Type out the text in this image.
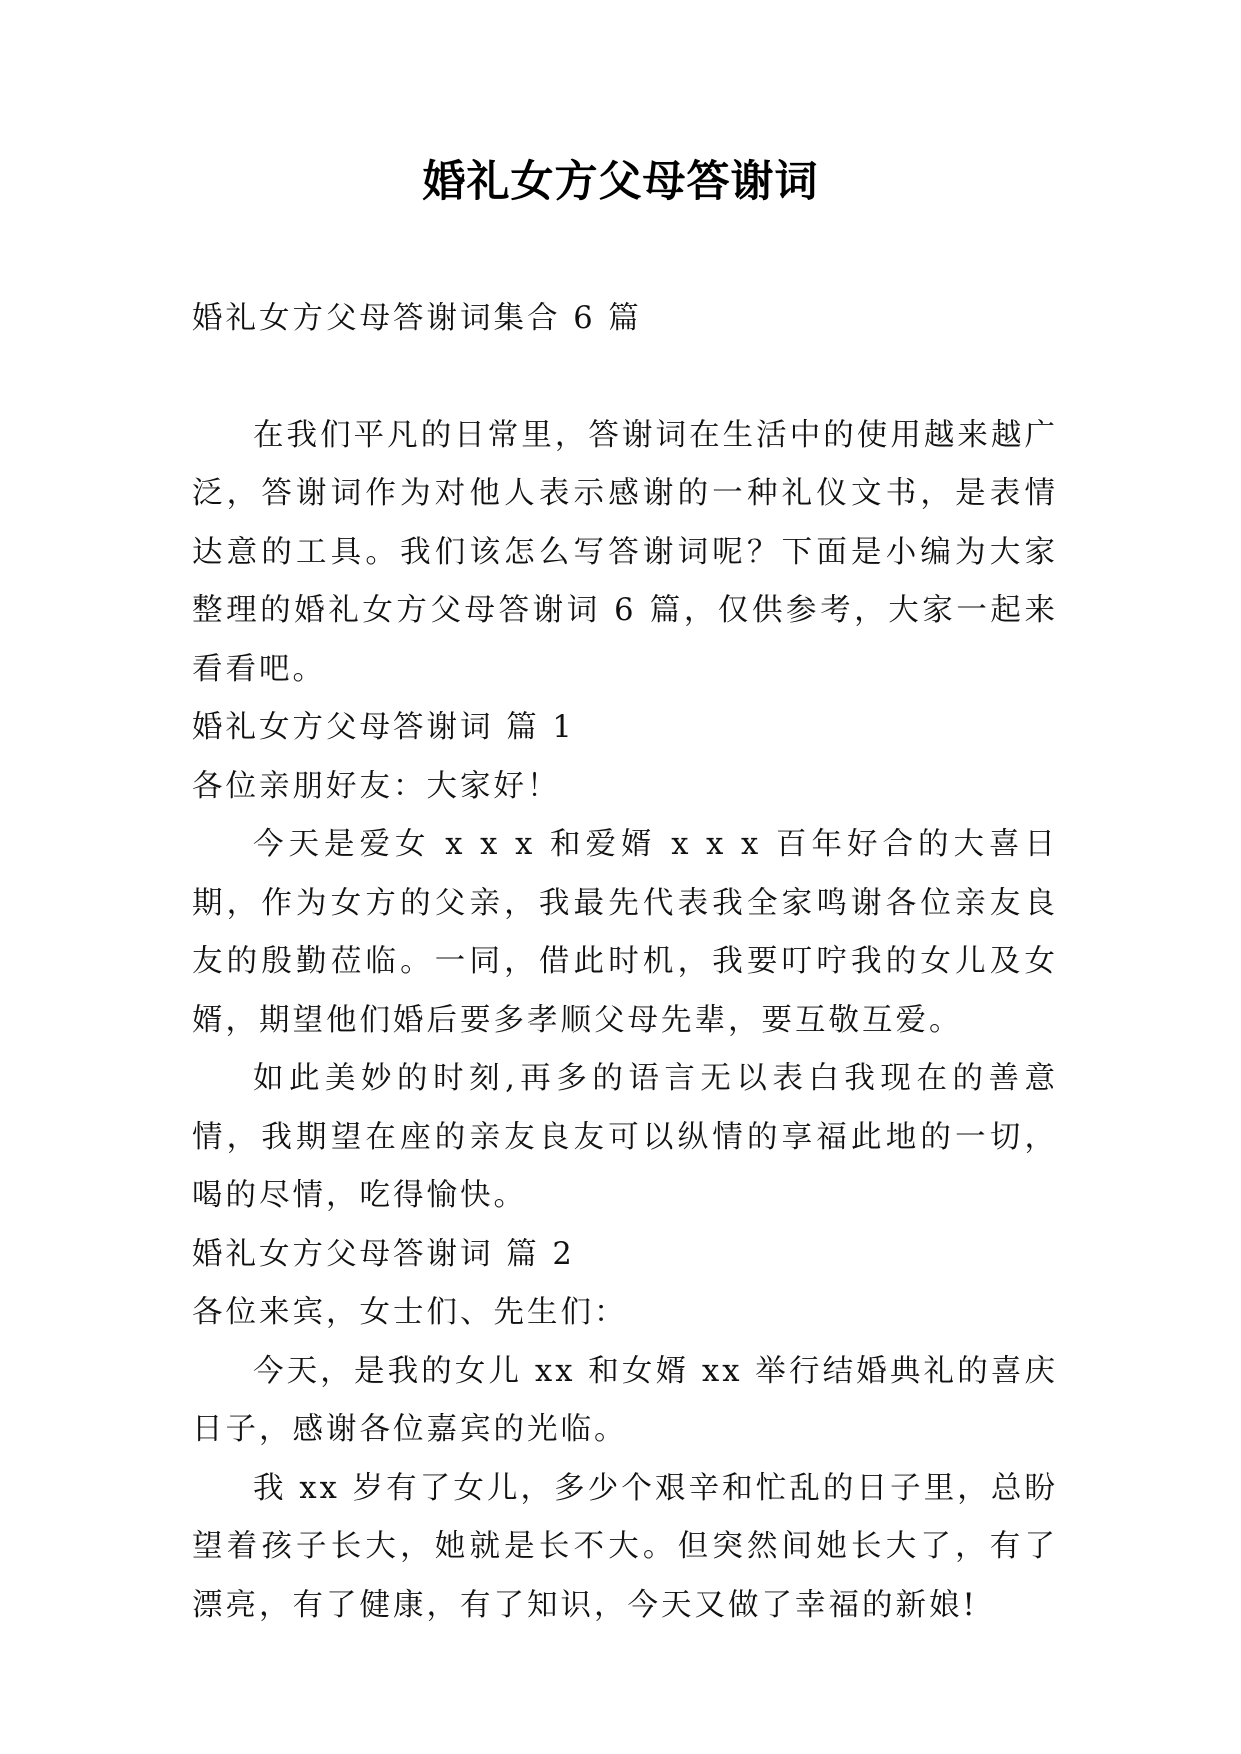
婚礼女方父母答谢词

婚礼女方父母答谢词集合 6 篇

在我们平凡的日常里，答谢词在生活中的使用越来越广泛，答谢词作为对他人表示感谢的一种礼仪文书，是表情达意的工具。我们该怎么写答谢词呢？下面是小编为大家整理的婚礼女方父母答谢词 6 篇，仅供参考，大家一起来看看吧。

婚礼女方父母答谢词 篇 1

各位亲朋好友：大家好！

今天是爱女 x x x 和爱婿 x x x 百年好合的大喜日期，作为女方的父亲，我最先代表我全家鸣谢各位亲友良友的殷勤莅临。一同，借此时机，我要叮咛我的女儿及女婿，期望他们婚后要多孝顺父母先辈，要互敬互爱。

如此美妙的时刻,再多的语言无以表白我现在的善意情，我期望在座的亲友良友可以纵情的享福此地的一切，喝的尽情，吃得愉快。

婚礼女方父母答谢词 篇 2

各位来宾，女士们、先生们：

今天，是我的女儿 xx 和女婿 xx 举行结婚典礼的喜庆日子，感谢各位嘉宾的光临。

我 xx 岁有了女儿，多少个艰辛和忙乱的日子里，总盼望着孩子长大，她就是长不大。但突然间她长大了，有了漂亮，有了健康，有了知识，今天又做了幸福的新娘!
